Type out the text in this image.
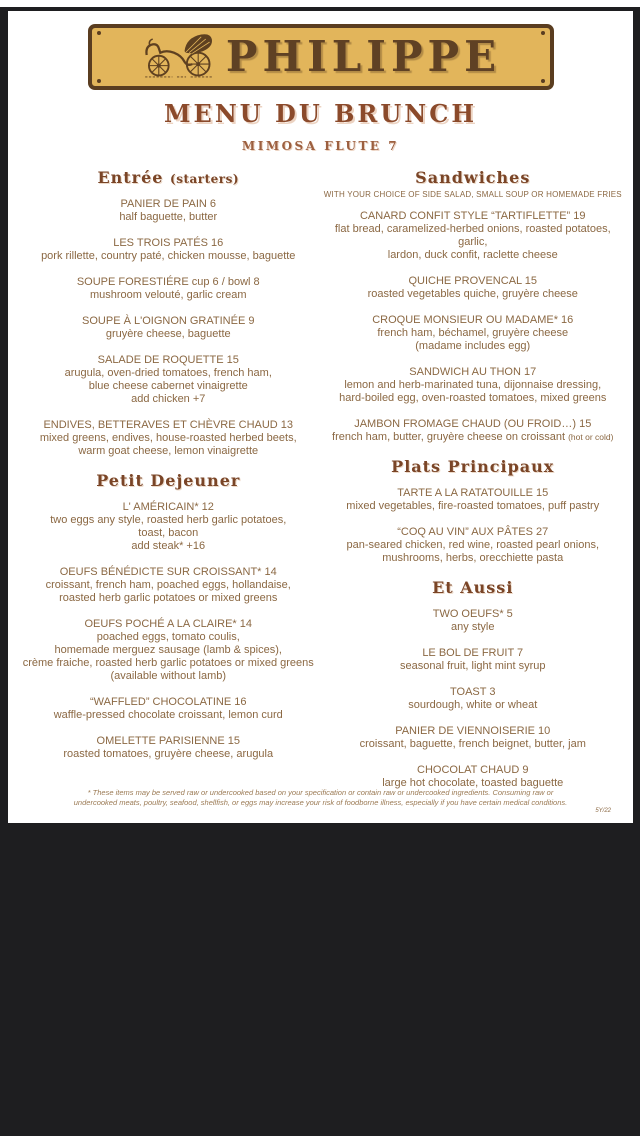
PHILIPPE
MENU DU BRUNCH
MIMOSA FLUTE 7
Entrée (starters)
PANIER DE PAIN 6
half baguette, butter
LES TROIS PATÉS 16
pork rillette, country paté, chicken mousse, baguette
SOUPE FORESTIÉRE cup 6 / bowl 8
mushroom velouté, garlic cream
SOUPE À L'OIGNON GRATINÉE 9
gruyère cheese, baguette
SALADE DE ROQUETTE 15
arugula, oven-dried tomatoes, french ham,
blue cheese cabernet vinaigrette
add chicken +7
ENDIVES, BETTERAVES ET CHÈVRE CHAUD 13
mixed greens, endives, house-roasted herbed beets,
warm goat cheese, lemon vinaigrette
Petit Dejeuner
L' AMÉRICAIN* 12
two eggs any style, roasted herb garlic potatoes,
toast, bacon
add steak* +16
OEUFS BÉNÉDICTE SUR CROISSANT* 14
croissant, french ham, poached eggs, hollandaise,
roasted herb garlic potatoes or mixed greens
OEUFS POCHÉ A LA CLAIRE* 14
poached eggs, tomato coulis,
homemade merguez sausage (lamb & spices),
crème fraiche, roasted herb garlic potatoes or mixed greens
(available without lamb)
“WAFFLED” CHOCOLATINE 16
waffle-pressed chocolate croissant, lemon curd
OMELETTE PARISIENNE 15
roasted tomatoes, gruyère cheese, arugula
Sandwiches
WITH YOUR CHOICE OF SIDE SALAD, SMALL SOUP OR HOMEMADE FRIES
CANARD CONFIT STYLE “TARTIFLETTE” 19
flat bread, caramelized-herbed onions, roasted potatoes, garlic,
lardon, duck confit, raclette cheese
QUICHE PROVENCAL 15
roasted vegetables quiche, gruyère cheese
CROQUE MONSIEUR OU MADAME* 16
french ham, béchamel, gruyère cheese
(madame includes egg)
SANDWICH AU THON 17
lemon and herb-marinated tuna, dijonnaise dressing,
hard-boiled egg, oven-roasted tomatoes, mixed greens
JAMBON FROMAGE CHAUD (OU FROID…) 15
french ham, butter, gruyère cheese on croissant (hot or cold)
Plats Principaux
TARTE A LA RATATOUILLE 15
mixed vegetables, fire-roasted tomatoes, puff pastry
“COQ AU VIN” AUX PÂTES 27
pan-seared chicken, red wine, roasted pearl onions,
mushrooms, herbs, orecchiette pasta
Et Aussi
TWO OEUFS* 5
any style
LE BOL DE FRUIT 7
seasonal fruit, light mint syrup
TOAST 3
sourdough, white or wheat
PANIER DE VIENNOISERIE 10
croissant, baguette, french beignet, butter, jam
CHOCOLAT CHAUD 9
large hot chocolate, toasted baguette
* These items may be served raw or undercooked based on your specification or contain raw or undercooked ingredients. Consuming raw or
undercooked meats, poultry, seafood, shellfish, or eggs may increase your risk of foodborne illness, especially if you have certain medical conditions.
5Y/22
